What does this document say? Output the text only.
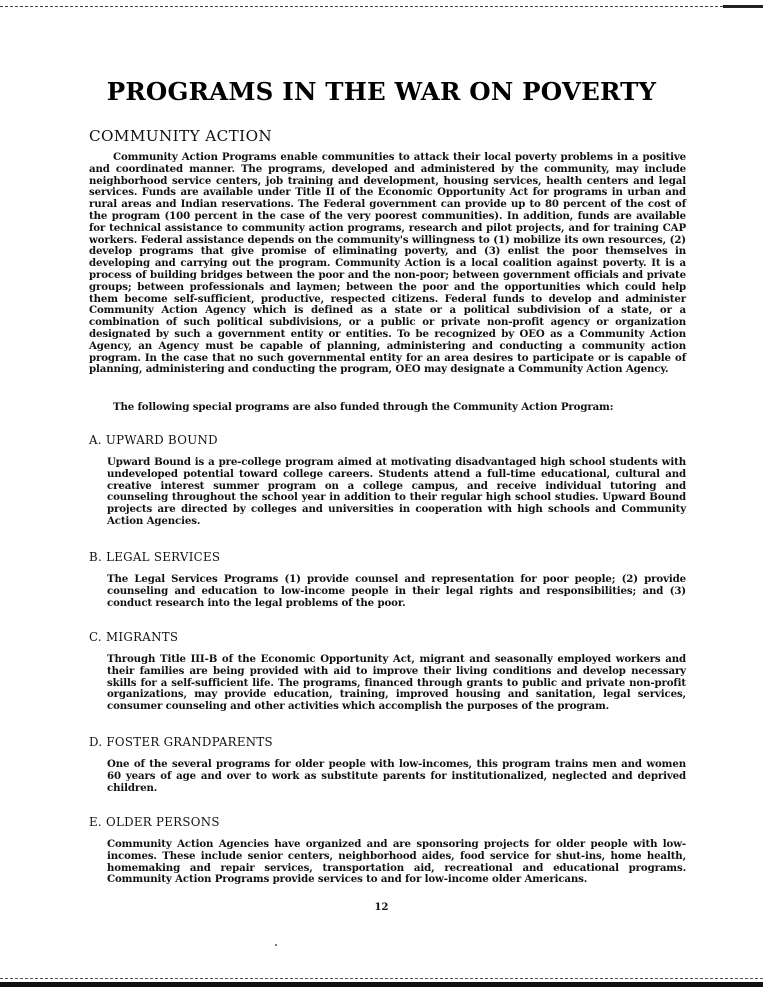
PROGRAMS IN THE WAR ON POVERTY
COMMUNITY ACTION
Community Action Programs enable communities to attack their local poverty problems in a positive and coordinated manner. The programs, developed and administered by the community, may include neighborhood service centers, job training and development, housing services, health centers and legal services. Funds are available under Title II of the Economic Opportunity Act for programs in urban and rural areas and Indian reservations. The Federal government can provide up to 80 percent of the cost of the program (100 percent in the case of the very poorest communities). In addition, funds are available for technical assistance to community action programs, research and pilot projects, and for training CAP workers. Federal assistance depends on the community's willingness to (1) mobilize its own resources, (2) develop programs that give promise of eliminating poverty, and (3) enlist the poor themselves in developing and carrying out the program. Community Action is a local coalition against poverty. It is a process of building bridges between the poor and the non-poor; between government officials and private groups; between professionals and laymen; between the poor and the opportunities which could help them become self-sufficient, productive, respected citizens. Federal funds to develop and administer Community Action Agency which is defined as a state or a political subdivision of a state, or a combination of such political subdivisions, or a public or private non-profit agency or organization designated by such a government entity or entities. To be recognized by OEO as a Community Action Agency, an Agency must be capable of planning, administering and conducting a community action program. In the case that no such governmental entity for an area desires to participate or is capable of planning, administering and conducting the program, OEO may designate a Community Action Agency.
The following special programs are also funded through the Community Action Program:
A. UPWARD BOUND
Upward Bound is a pre-college program aimed at motivating disadvantaged high school students with undeveloped potential toward college careers. Students attend a full-time educational, cultural and creative interest summer program on a college campus, and receive individual tutoring and counseling throughout the school year in addition to their regular high school studies. Upward Bound projects are directed by colleges and universities in cooperation with high schools and Community Action Agencies.
B. LEGAL SERVICES
The Legal Services Programs (1) provide counsel and representation for poor people; (2) provide counseling and education to low-income people in their legal rights and responsibilities; and (3) conduct research into the legal problems of the poor.
C. MIGRANTS
Through Title III-B of the Economic Opportunity Act, migrant and seasonally employed workers and their families are being provided with aid to improve their living conditions and develop necessary skills for a self-sufficient life. The programs, financed through grants to public and private non-profit organizations, may provide education, training, improved housing and sanitation, legal services, consumer counseling and other activities which accomplish the purposes of the program.
D. FOSTER GRANDPARENTS
One of the several programs for older people with low-incomes, this program trains men and women 60 years of age and over to work as substitute parents for institutionalized, neglected and deprived children.
E. OLDER PERSONS
Community Action Agencies have organized and are sponsoring projects for older people with low-incomes. These include senior centers, neighborhood aides, food service for shut-ins, home health, homemaking and repair services, transportation aid, recreational and educational programs. Community Action Programs provide services to and for low-income older Americans.
12
